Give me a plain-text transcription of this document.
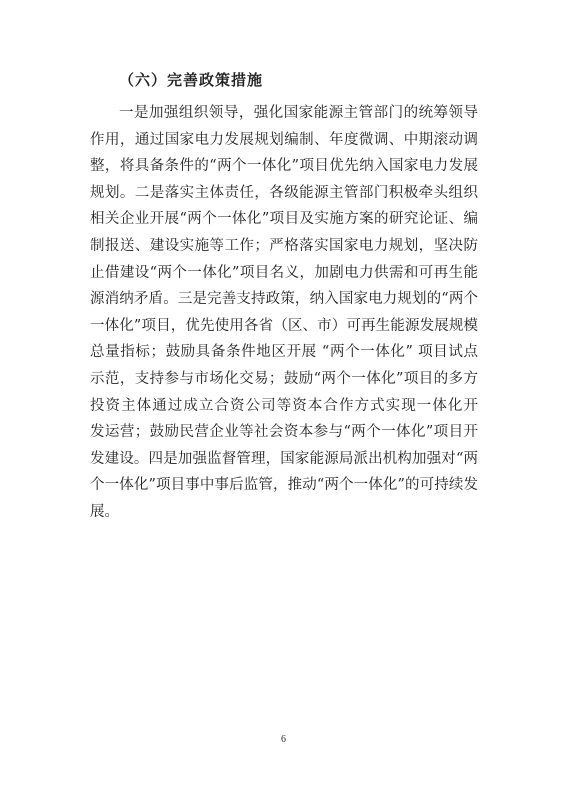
（六）完善政策措施
一是加强组织领导，强化国家能源主管部门的统筹领导
作用，通过国家电力发展规划编制、年度微调、中期滚动调
整，将具备条件的“两个一体化”项目优先纳入国家电力发展
规划。二是落实主体责任，各级能源主管部门积极牵头组织
相关企业开展“两个一体化”项目及实施方案的研究论证、编
制报送、建设实施等工作；严格落实国家电力规划，坚决防
止借建设“两个一体化”项目名义，加剧电力供需和可再生能
源消纳矛盾。三是完善支持政策，纳入国家电力规划的“两个
一体化”项目，优先使用各省（区、市）可再生能源发展规模
总量指标；鼓励具备条件地区开展 “两个一体化” 项目试点
示范，支持参与市场化交易；鼓励“两个一体化”项目的多方
投资主体通过成立合资公司等资本合作方式实现一体化开
发运营；鼓励民营企业等社会资本参与“两个一体化”项目开
发建设。四是加强监督管理，国家能源局派出机构加强对“两
个一体化”项目事中事后监管，推动“两个一体化”的可持续发
展。
6
